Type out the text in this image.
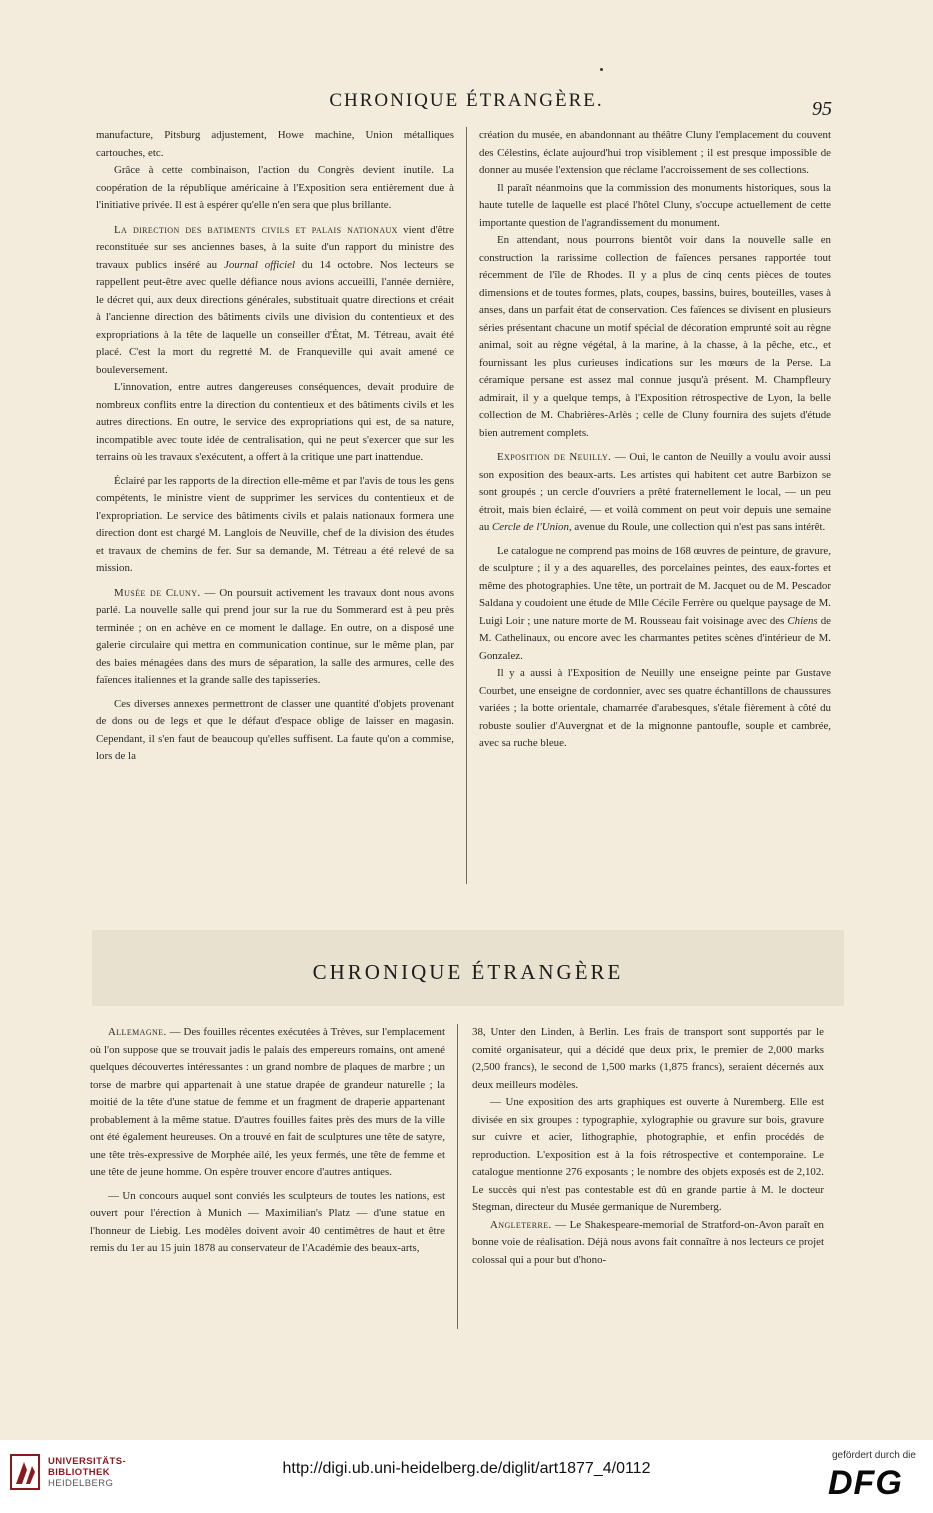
CHRONIQUE ÉTRANGÈRE.	95

manufacture, Pitsburg adjustement, Howe machine, Union métalliques cartouches, etc.

Grâce à cette combinaison, l'action du Congrès devient inutile. La coopération de la république américaine à l'Exposition sera entièrement due à l'initiative privée. Il est à espérer qu'elle n'en sera que plus brillante.

La direction des batiments civils et palais nationaux vient d'être reconstituée sur ses anciennes bases, à la suite d'un rapport du ministre des travaux publics inséré au Journal officiel du 14 octobre. Nos lecteurs se rappellent peut-être avec quelle défiance nous avions accueilli, l'année dernière, le décret qui, aux deux directions générales, substituait quatre directions et créait à l'ancienne direction des bâtiments civils une division du contentieux et des expropriations à la tête de laquelle un conseiller d'État, M. Tétreau, avait été placé. C'est la mort du regretté M. de Franqueville qui avait amené ce bouleversement.

L'innovation, entre autres dangereuses conséquences, devait produire de nombreux conflits entre la direction du contentieux et des bâtiments civils et les autres directions. En outre, le service des expropriations qui est, de sa nature, incompatible avec toute idée de centralisation, qui ne peut s'exercer que sur les terrains où les travaux s'exécutent, a offert à la critique une part inattendue.

Éclairé par les rapports de la direction elle-même et par l'avis de tous les gens compétents, le ministre vient de supprimer les services du contentieux et de l'expropriation. Le service des bâtiments civils et palais nationaux formera une direction dont est chargé M. Langlois de Neuville, chef de la division des études et travaux de chemins de fer. Sur sa demande, M. Tétreau a été relevé de sa mission.

Musée de Cluny. — On poursuit activement les travaux dont nous avons parlé. La nouvelle salle qui prend jour sur la rue du Sommerard est à peu près terminée ; on en achève en ce moment le dallage. En outre, on a disposé une galerie circulaire qui mettra en communication continue, sur le même plan, par des baies ménagées dans des murs de séparation, la salle des armures, celle des faïences italiennes et la grande salle des tapisseries.

Ces diverses annexes permettront de classer une quantité d'objets provenant de dons ou de legs et que le défaut d'espace oblige de laisser en magasin. Cependant, il s'en faut de beaucoup qu'elles suffisent. La faute qu'on a commise, lors de la

création du musée, en abandonnant au théâtre Cluny l'emplacement du couvent des Célestins, éclate aujourd'hui trop visiblement ; il est presque impossible de donner au musée l'extension que réclame l'accroissement de ses collections.

Il paraît néanmoins que la commission des monuments historiques, sous la haute tutelle de laquelle est placé l'hôtel Cluny, s'occupe actuellement de cette importante question de l'agrandissement du monument.

En attendant, nous pourrons bientôt voir dans la nouvelle salle en construction la rarissime collection de faïences persanes rapportée tout récemment de l'île de Rhodes. Il y a plus de cinq cents pièces de toutes dimensions et de toutes formes, plats, coupes, bassins, buires, bouteilles, vases à anses, dans un parfait état de conservation. Ces faïences se divisent en plusieurs séries présentant chacune un motif spécial de décoration emprunté soit au règne animal, soit au règne végétal, à la marine, à la chasse, à la pêche, etc., et fournissant les plus curieuses indications sur les mœurs de la Perse. La céramique persane est assez mal connue jusqu'à présent. M. Champfleury admirait, il y a quelque temps, à l'Exposition rétrospective de Lyon, la belle collection de M. Chabrières-Arlès ; celle de Cluny fournira des sujets d'étude bien autrement complets.

Exposition de Neuilly. — Oui, le canton de Neuilly a voulu avoir aussi son exposition des beaux-arts. Les artistes qui habitent cet autre Barbizon se sont groupés ; un cercle d'ouvriers a prêté fraternellement le local, — un peu étroit, mais bien éclairé, — et voilà comment on peut voir depuis une semaine au Cercle de l'Union, avenue du Roule, une collection qui n'est pas sans intérêt.

Le catalogue ne comprend pas moins de 168 œuvres de peinture, de gravure, de sculpture ; il y a des aquarelles, des porcelaines peintes, des eaux-fortes et même des photographies. Une tête, un portrait de M. Jacquet ou de M. Pescador Saldana y coudoient une étude de Mlle Cécile Ferrère ou quelque paysage de M. Luigi Loir ; une nature morte de M. Rousseau fait voisinage avec des Chiens de M. Cathelinaux, ou encore avec les charmantes petites scènes d'intérieur de M. Gonzalez.

Il y a aussi à l'Exposition de Neuilly une enseigne peinte par Gustave Courbet, une enseigne de cordonnier, avec ses quatre échantillons de chaussures variées ; la botte orientale, chamarrée d'arabesques, s'étale fièrement à côté du robuste soulier d'Auvergnat et de la mignonne pantoufle, souple et cambrée, avec sa ruche bleue.

CHRONIQUE ÉTRANGÈRE

Allemagne. — Des fouilles récentes exécutées à Trèves, sur l'emplacement où l'on suppose que se trouvait jadis le palais des empereurs romains, ont amené quelques découvertes intéressantes : un grand nombre de plaques de marbre ; un torse de marbre qui appartenait à une statue drapée de grandeur naturelle ; la moitié de la tête d'une statue de femme et un fragment de draperie appartenant probablement à la même statue. D'autres fouilles faites près des murs de la ville ont été également heureuses. On a trouvé en fait de sculptures une tête de satyre, une tête très-expressive de Morphée ailé, les yeux fermés, une tête de femme et une tête de jeune homme. On espère trouver encore d'autres antiques.

— Un concours auquel sont conviés les sculpteurs de toutes les nations, est ouvert pour l'érection à Munich — Maximilian's Platz — d'une statue en l'honneur de Liebig. Les modèles doivent avoir 40 centimètres de haut et être remis du 1er au 15 juin 1878 au conservateur de l'Académie des beaux-arts,

38, Unter den Linden, à Berlin. Les frais de transport sont supportés par le comité organisateur, qui a décidé que deux prix, le premier de 2,000 marks (2,500 francs), le second de 1,500 marks (1,875 francs), seraient décernés aux deux meilleurs modèles.

— Une exposition des arts graphiques est ouverte à Nuremberg. Elle est divisée en six groupes : typographie, xylographie ou gravure sur bois, gravure sur cuivre et acier, lithographie, photographie, et enfin procédés de reproduction. L'exposition est à la fois rétrospective et contemporaine. Le catalogue mentionne 276 exposants ; le nombre des objets exposés est de 2,102. Le succès qui n'est pas contestable est dû en grande partie à M. le docteur Stegman, directeur du Musée germanique de Nuremberg.

Angleterre. — Le Shakespeare-memorial de Stratford-on-Avon paraît en bonne voie de réalisation. Déjà nous avons fait connaître à nos lecteurs ce projet colossal qui a pour but d'hono-

UNIVERSITÄTS-
BIBLIOTHEK
HEIDELBERG
http://digi.ub.uni-heidelberg.de/diglit/art1877_4/0112
gefördert durch die
DFG
